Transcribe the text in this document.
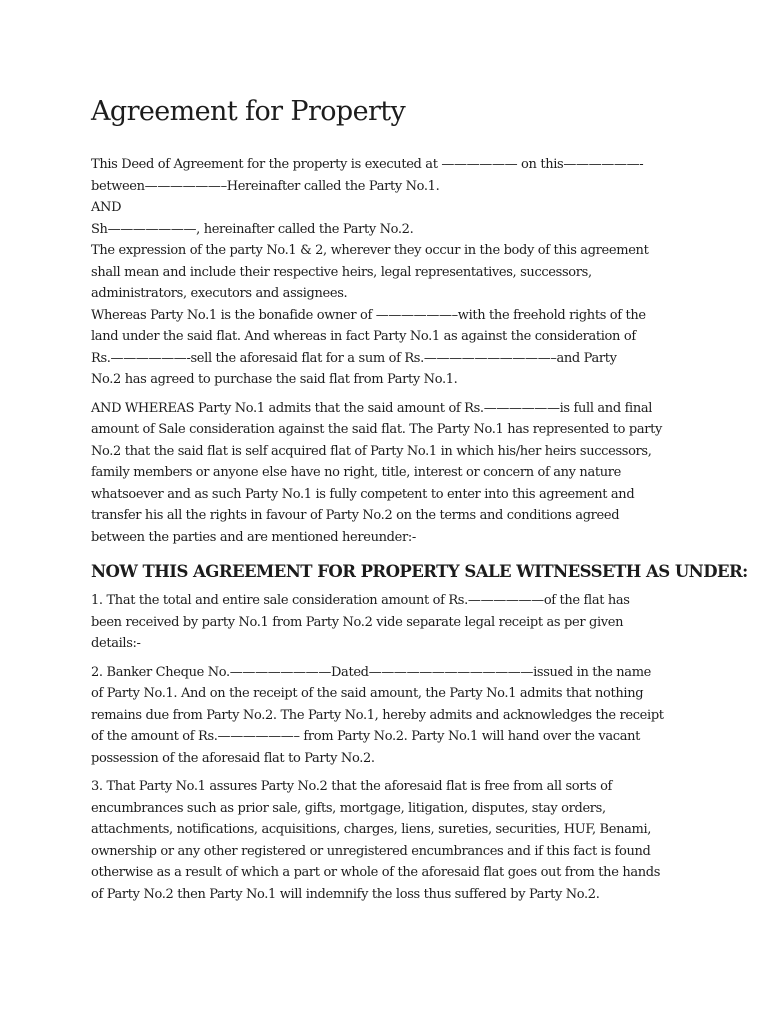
Agreement for Property
This Deed of Agreement for the property is executed at —————— on this——————-
between——————–Hereinafter called the Party No.1.
AND
Sh———————, hereinafter called the Party No.2.
The expression of the party No.1 & 2, wherever they occur in the body of this agreement
shall mean and include their respective heirs, legal representatives, successors,
administrators, executors and assignees.
Whereas Party No.1 is the bonafide owner of ——————–with the freehold rights of the
land under the said flat. And whereas in fact Party No.1 as against the consideration of
Rs.——————-sell the aforesaid flat for a sum of Rs.——————————–and Party
No.2 has agreed to purchase the said flat from Party No.1.
AND WHEREAS Party No.1 admits that the said amount of Rs.——————is full and final
amount of Sale consideration against the said flat. The Party No.1 has represented to party
No.2 that the said flat is self acquired flat of Party No.1 in which his/her heirs successors,
family members or anyone else have no right, title, interest or concern of any nature
whatsoever and as such Party No.1 is fully competent to enter into this agreement and
transfer his all the rights in favour of Party No.2 on the terms and conditions agreed
between the parties and are mentioned hereunder:-
NOW THIS AGREEMENT FOR PROPERTY SALE WITNESSETH AS UNDER:
1. That the total and entire sale consideration amount of Rs.——————of the flat has
been received by party No.1 from Party No.2 vide separate legal receipt as per given
details:-
2. Banker Cheque No.————————Dated—————————————issued in the name
of Party No.1. And on the receipt of the said amount, the Party No.1 admits that nothing
remains due from Party No.2. The Party No.1, hereby admits and acknowledges the receipt
of the amount of Rs.——————– from Party No.2. Party No.1 will hand over the vacant
possession of the aforesaid flat to Party No.2.
3. That Party No.1 assures Party No.2 that the aforesaid flat is free from all sorts of
encumbrances such as prior sale, gifts, mortgage, litigation, disputes, stay orders,
attachments, notifications, acquisitions, charges, liens, sureties, securities, HUF, Benami,
ownership or any other registered or unregistered encumbrances and if this fact is found
otherwise as a result of which a part or whole of the aforesaid flat goes out from the hands
of Party No.2 then Party No.1 will indemnify the loss thus suffered by Party No.2.
